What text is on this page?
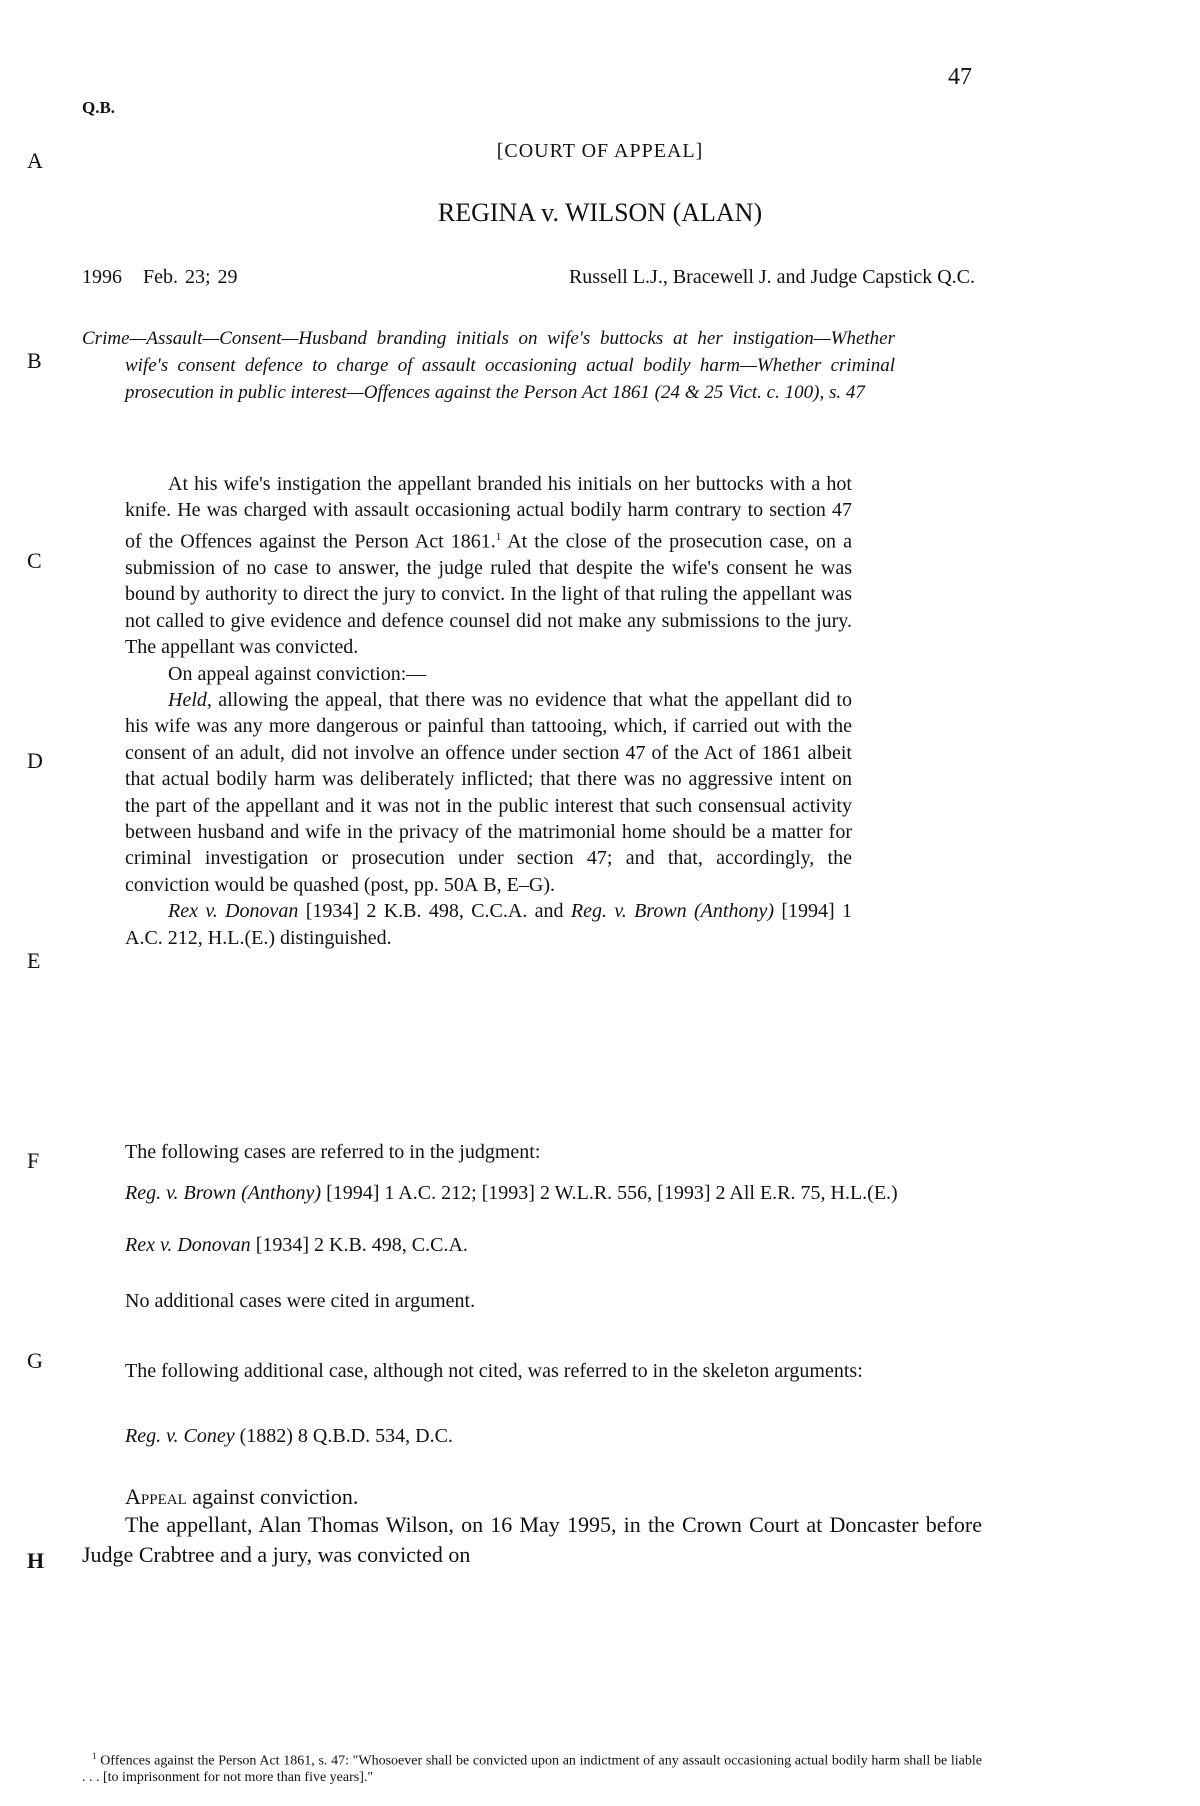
47
Q.B.
A
B
C
D
E
F
G
H
[COURT OF APPEAL]
REGINA v. WILSON (ALAN)
1996 Feb. 23; 29	Russell L.J., Bracewell J. and Judge Capstick Q.C.
Crime—Assault—Consent—Husband branding initials on wife's buttocks at her instigation—Whether wife's consent defence to charge of assault occasioning actual bodily harm—Whether criminal prosecution in public interest—Offences against the Person Act 1861 (24 & 25 Vict. c. 100), s. 47

At his wife's instigation the appellant branded his initials on her buttocks with a hot knife. He was charged with assault occasioning actual bodily harm contrary to section 47 of the Offences against the Person Act 1861.$^1$ At the close of the prosecution case, on a submission of no case to answer, the judge ruled that despite the wife's consent he was bound by authority to direct the jury to convict. In the light of that ruling the appellant was not called to give evidence and defence counsel did not make any submissions to the jury. The appellant was convicted.

On appeal against conviction:—

Held, allowing the appeal, that there was no evidence that what the appellant did to his wife was any more dangerous or painful than tattooing, which, if carried out with the consent of an adult, did not involve an offence under section 47 of the Act of 1861 albeit that actual bodily harm was deliberately inflicted; that there was no aggressive intent on the part of the appellant and it was not in the public interest that such consensual activity between husband and wife in the privacy of the matrimonial home should be a matter for criminal investigation or prosecution under section 47; and that, accordingly, the conviction would be quashed (post, pp. 50A B, E–G).

Rex v. Donovan [1934] 2 K.B. 498, C.C.A. and Reg. v. Brown (Anthony) [1994] 1 A.C. 212, H.L.(E.) distinguished.

The following cases are referred to in the judgment:
Reg. v. Brown (Anthony) [1994] 1 A.C. 212; [1993] 2 W.L.R. 556, [1993] 2 All E.R. 75, H.L.(E.)
Rex v. Donovan [1934] 2 K.B. 498, C.C.A.
No additional cases were cited in argument.
The following additional case, although not cited, was referred to in the skeleton arguments:
Reg. v. Coney (1882) 8 Q.B.D. 534, D.C.
Appeal against conviction.
The appellant, Alan Thomas Wilson, on 16 May 1995, in the Crown Court at Doncaster before Judge Crabtree and a jury, was convicted on
$^1$ Offences against the Person Act 1861, s. 47: "Whosoever shall be convicted upon an indictment of any assault occasioning actual bodily harm shall be liable . . . [to imprisonment for not more than five years]."
